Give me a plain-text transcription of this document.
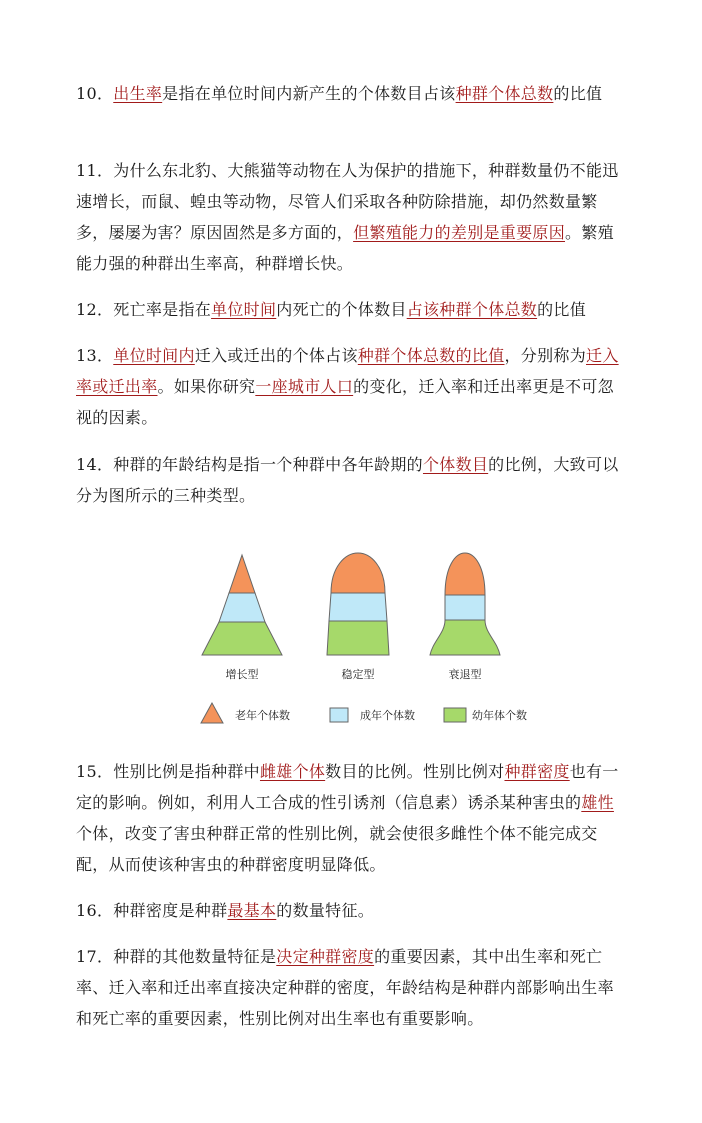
10．出生率是指在单位时间内新产生的个体数目占该种群个体总数的比值

11．为什么东北豹、大熊猫等动物在人为保护的措施下，种群数量仍不能迅速增长，而鼠、蝗虫等动物，尽管人们采取各种防除措施，却仍然数量繁多，屡屡为害？原因固然是多方面的，但繁殖能力的差别是重要原因。繁殖能力强的种群出生率高，种群增长快。

12．死亡率是指在单位时间内死亡的个体数目占该种群个体总数的比值

13．单位时间内迁入或迁出的个体占该种群个体总数的比值，分别称为迁入率或迁出率。如果你研究一座城市人口的变化，迁入率和迁出率更是不可忽视的因素。

14．种群的年龄结构是指一个种群中各年龄期的个体数目的比例，大致可以分为图所示的三种类型。

增长型	稳定型	衰退型
老年个体数	成年个体数	幼年体个数

15．性别比例是指种群中雌雄个体数目的比例。性别比例对种群密度也有一定的影响。例如，利用人工合成的性引诱剂（信息素）诱杀某种害虫的雄性个体，改变了害虫种群正常的性别比例，就会使很多雌性个体不能完成交配，从而使该种害虫的种群密度明显降低。

16．种群密度是种群最基本的数量特征。

17．种群的其他数量特征是决定种群密度的重要因素，其中出生率和死亡率、迁入率和迁出率直接决定种群的密度，年龄结构是种群内部影响出生率和死亡率的重要因素，性别比例对出生率也有重要影响。
